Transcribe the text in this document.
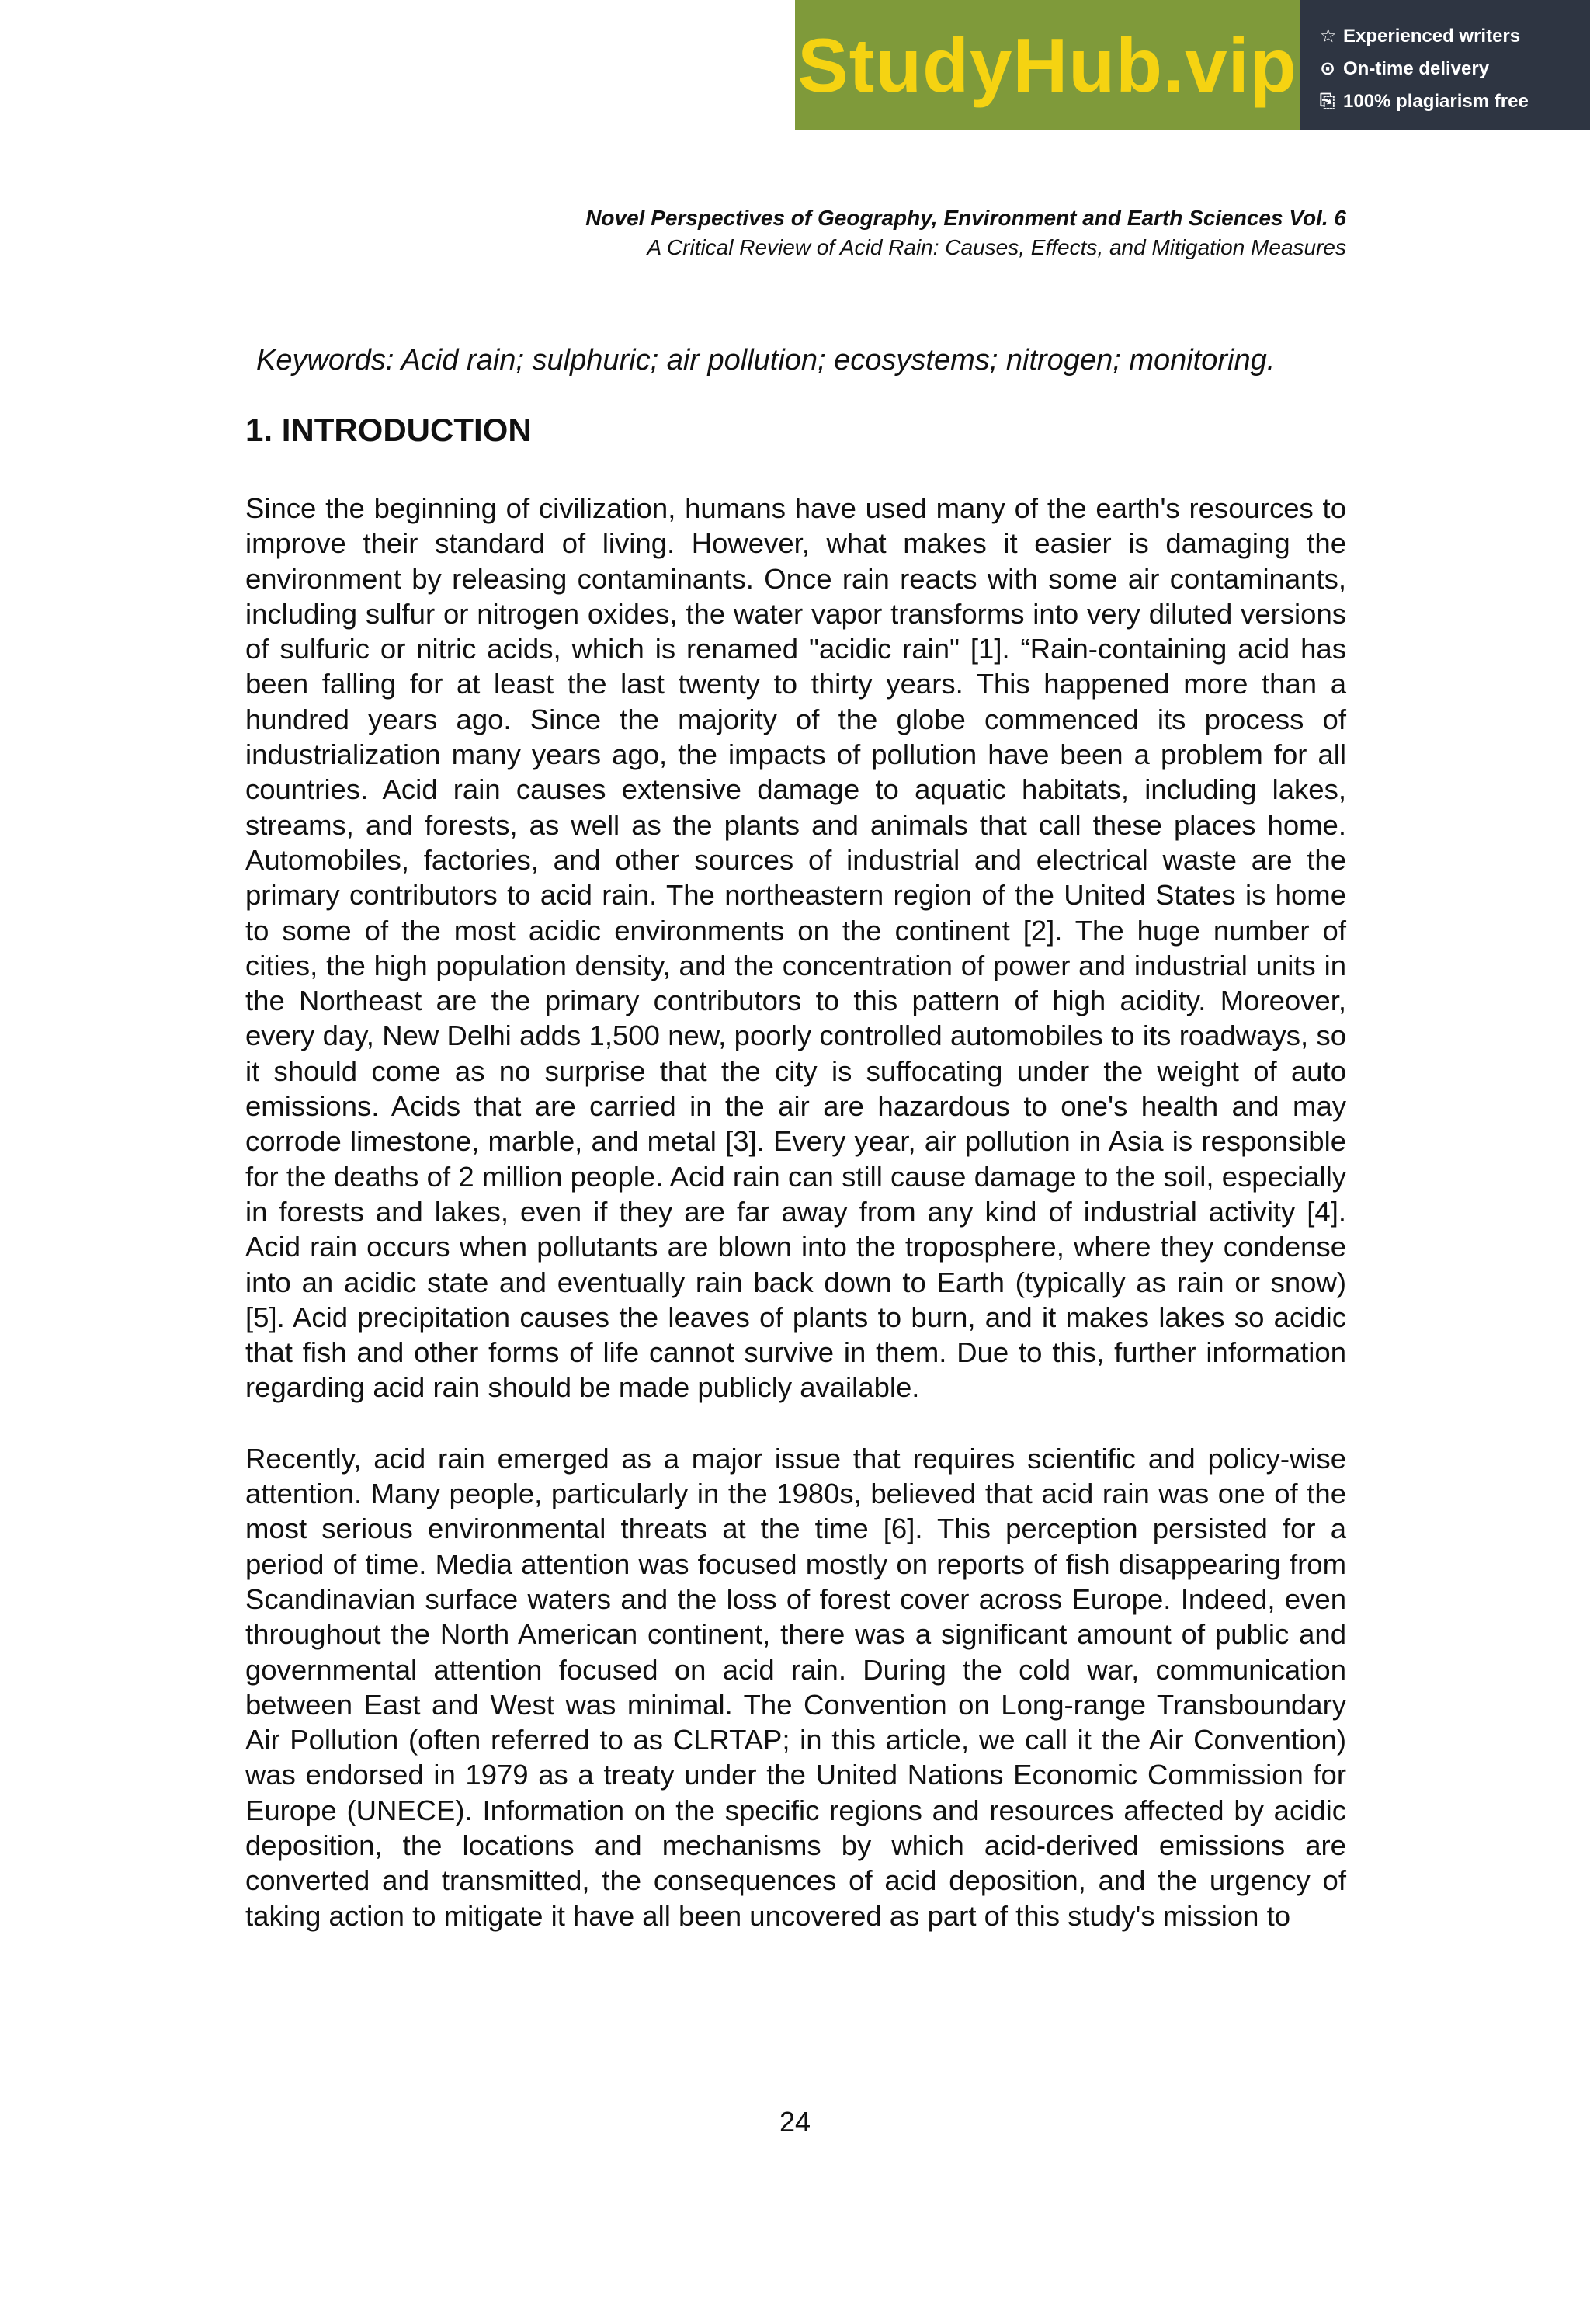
StudyHub.vip ☆ Experienced writers
⊙ On-time delivery
⎘ 100% plagiarism free
Novel Perspectives of Geography, Environment and Earth Sciences Vol. 6
A Critical Review of Acid Rain: Causes, Effects, and Mitigation Measures
Keywords: Acid rain; sulphuric; air pollution; ecosystems; nitrogen; monitoring.
1. INTRODUCTION

Since the beginning of civilization, humans have used many of the earth's resources to improve their standard of living. However, what makes it easier is damaging the environment by releasing contaminants. Once rain reacts with some air contaminants, including sulfur or nitrogen oxides, the water vapor transforms into very diluted versions of sulfuric or nitric acids, which is renamed "acidic rain" [1]. “Rain-containing acid has been falling for at least the last twenty to thirty years. This happened more than a hundred years ago. Since the majority of the globe commenced its process of industrialization many years ago, the impacts of pollution have been a problem for all countries. Acid rain causes extensive damage to aquatic habitats, including lakes, streams, and forests, as well as the plants and animals that call these places home. Automobiles, factories, and other sources of industrial and electrical waste are the primary contributors to acid rain. The northeastern region of the United States is home to some of the most acidic environments on the continent [2]. The huge number of cities, the high population density, and the concentration of power and industrial units in the Northeast are the primary contributors to this pattern of high acidity. Moreover, every day, New Delhi adds 1,500 new, poorly controlled automobiles to its roadways, so it should come as no surprise that the city is suffocating under the weight of auto emissions. Acids that are carried in the air are hazardous to one's health and may corrode limestone, marble, and metal [3]. Every year, air pollution in Asia is responsible for the deaths of 2 million people. Acid rain can still cause damage to the soil, especially in forests and lakes, even if they are far away from any kind of industrial activity [4]. Acid rain occurs when pollutants are blown into the troposphere, where they condense into an acidic state and eventually rain back down to Earth (typically as rain or snow) [5]. Acid precipitation causes the leaves of plants to burn, and it makes lakes so acidic that fish and other forms of life cannot survive in them. Due to this, further information regarding acid rain should be made publicly available.

Recently, acid rain emerged as a major issue that requires scientific and policy-wise attention. Many people, particularly in the 1980s, believed that acid rain was one of the most serious environmental threats at the time [6]. This perception persisted for a period of time. Media attention was focused mostly on reports of fish disappearing from Scandinavian surface waters and the loss of forest cover across Europe. Indeed, even throughout the North American continent, there was a significant amount of public and governmental attention focused on acid rain. During the cold war, communication between East and West was minimal. The Convention on Long-range Transboundary Air Pollution (often referred to as CLRTAP; in this article, we call it the Air Convention) was endorsed in 1979 as a treaty under the United Nations Economic Commission for Europe (UNECE). Information on the specific regions and resources affected by acidic deposition, the locations and mechanisms by which acid-derived emissions are converted and transmitted, the consequences of acid deposition, and the urgency of taking action to mitigate it have all been uncovered as part of this study's mission to

24
